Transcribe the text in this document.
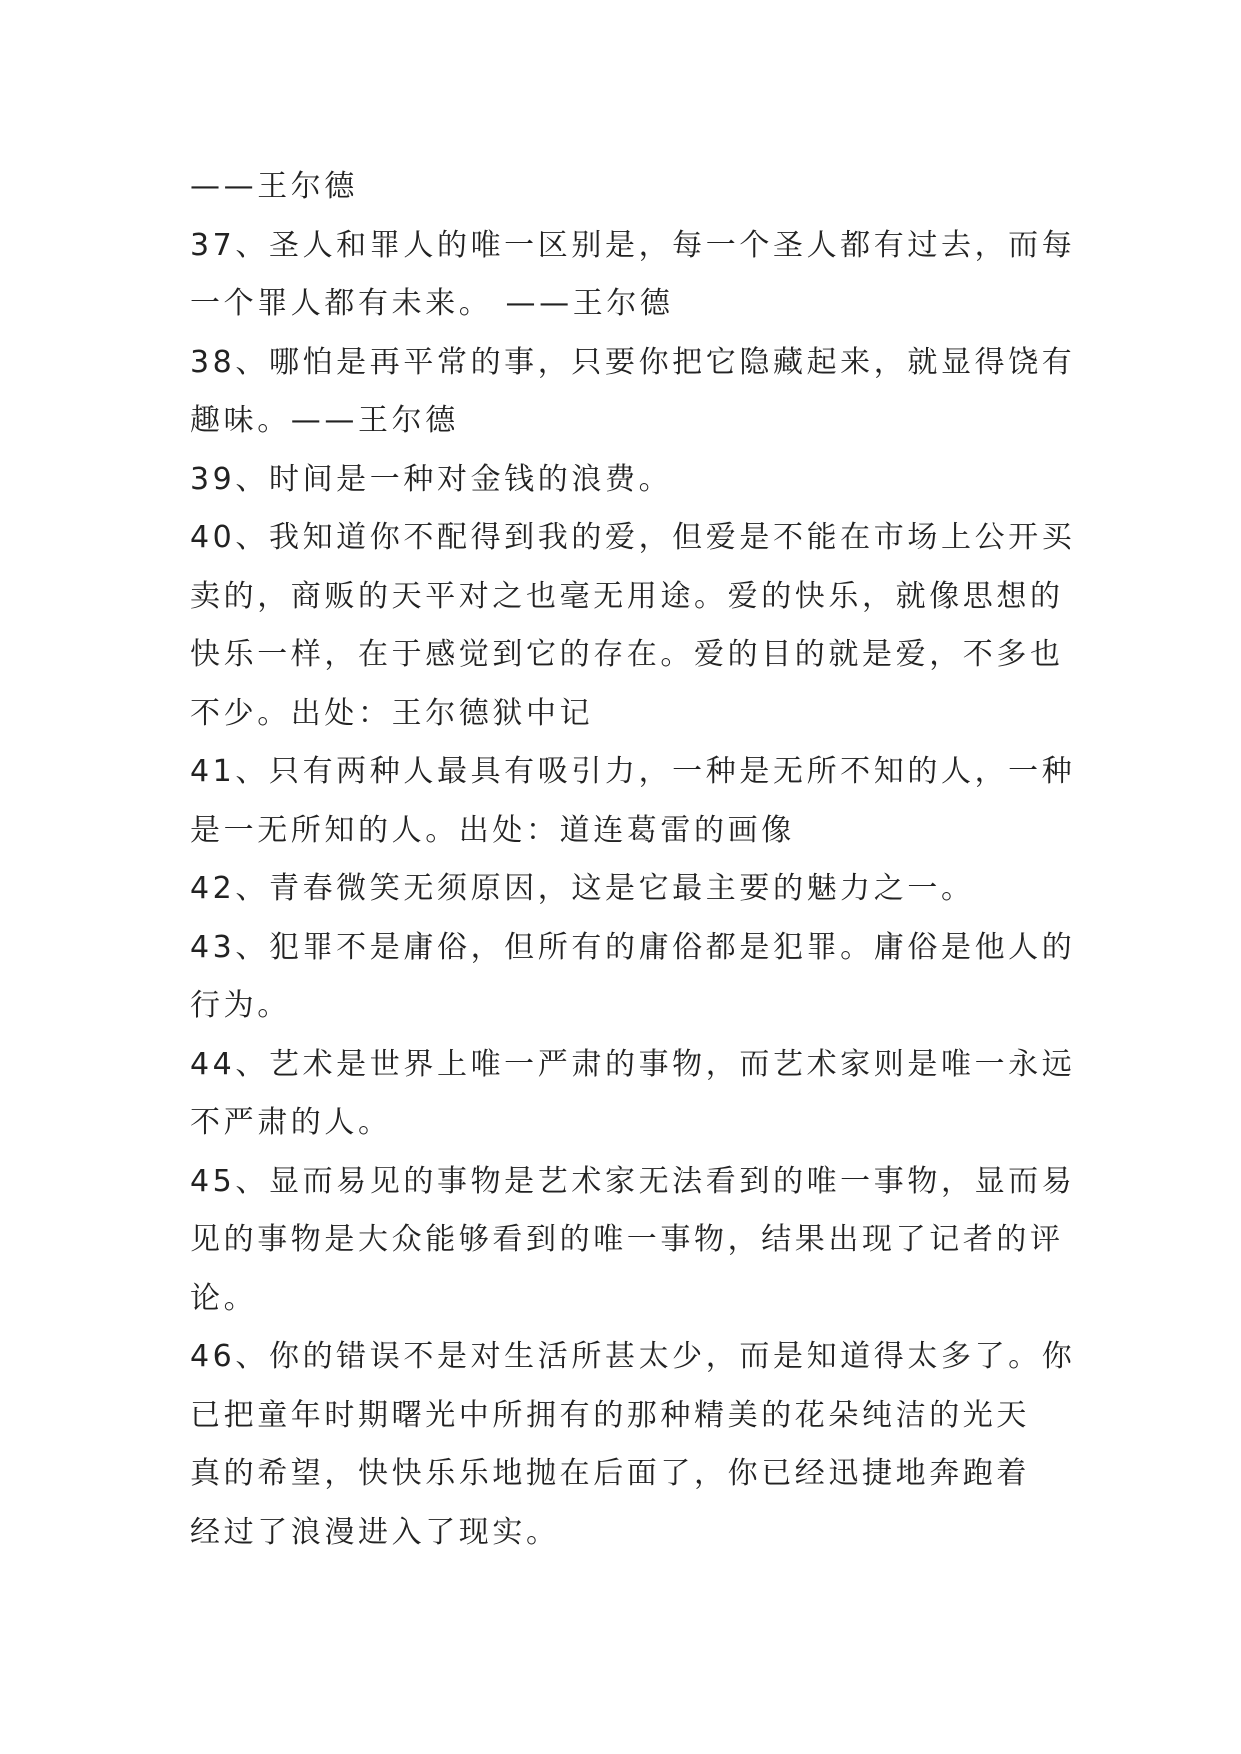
——王尔德
37、圣人和罪人的唯一区别是，每一个圣人都有过去，而每
一个罪人都有未来。 ——王尔德
38、哪怕是再平常的事，只要你把它隐藏起来，就显得饶有
趣味。——王尔德
39、时间是一种对金钱的浪费。
40、我知道你不配得到我的爱，但爱是不能在市场上公开买
卖的，商贩的天平对之也毫无用途。爱的快乐，就像思想的
快乐一样，在于感觉到它的存在。爱的目的就是爱，不多也
不少。出处：王尔德狱中记
41、只有两种人最具有吸引力，一种是无所不知的人，一种
是一无所知的人。出处：道连葛雷的画像
42、青春微笑无须原因，这是它最主要的魅力之一。
43、犯罪不是庸俗，但所有的庸俗都是犯罪。庸俗是他人的
行为。
44、艺术是世界上唯一严肃的事物，而艺术家则是唯一永远
不严肃的人。
45、显而易见的事物是艺术家无法看到的唯一事物，显而易
见的事物是大众能够看到的唯一事物，结果出现了记者的评
论。
46、你的错误不是对生活所甚太少，而是知道得太多了。你
已把童年时期曙光中所拥有的那种精美的花朵纯洁的光天
真的希望，快快乐乐地抛在后面了，你已经迅捷地奔跑着
经过了浪漫进入了现实。
